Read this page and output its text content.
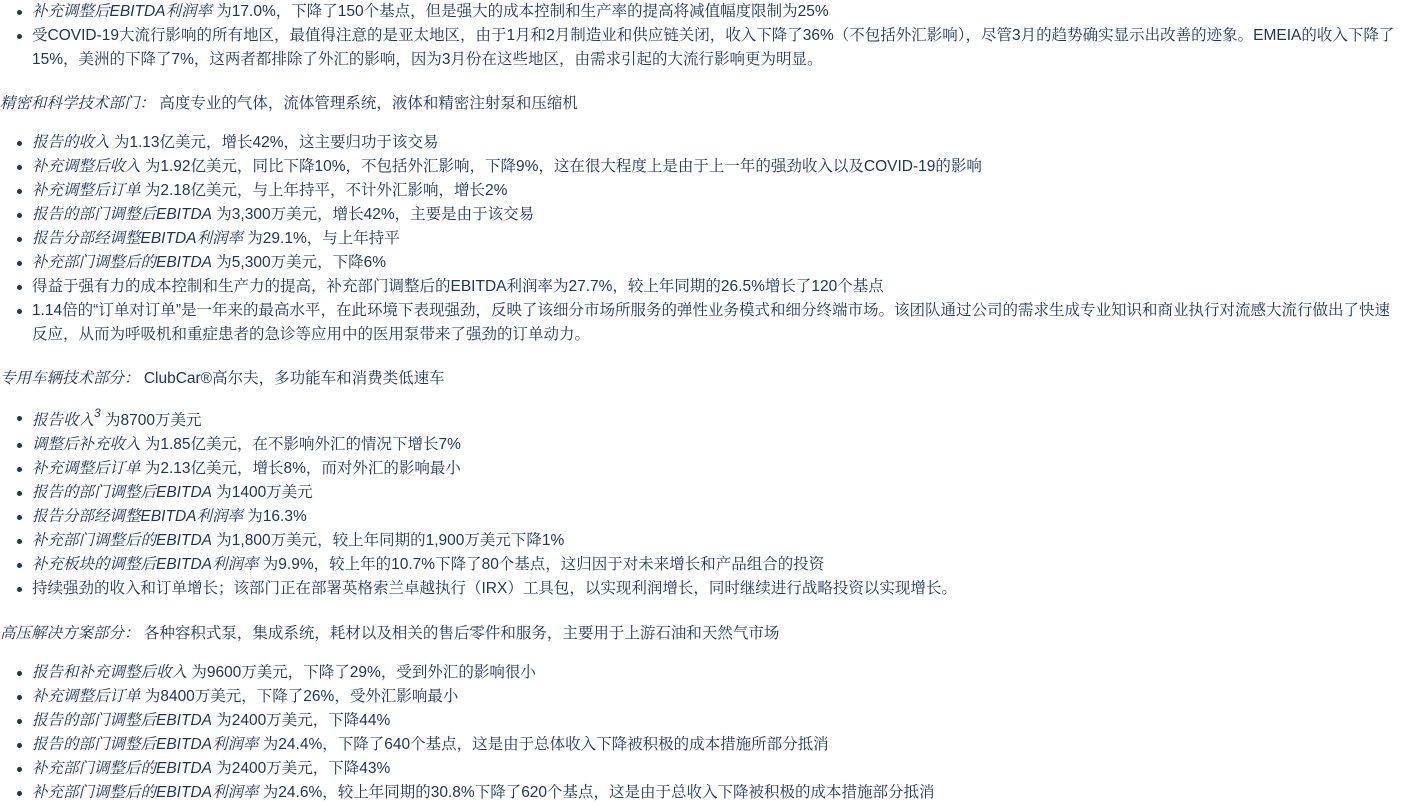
补充调整后EBITDA利润率 为17.0%，下降了150个基点，但是强大的成本控制和生产率的提高将减值幅度限制为25%
受COVID-19大流行影响的所有地区，最值得注意的是亚太地区，由于1月和2月制造业和供应链关闭，收入下降了36%（不包括外汇影响），尽管3月的趋势确实显示出改善的迹象。EMEIA的收入下降了15%，美洲的下降了7%，这两者都排除了外汇的影响，因为3月份在这些地区，由需求引起的大流行影响更为明显。

精密和科学技术部门： 高度专业的气体，流体管理系统，液体和精密注射泵和压缩机

报告的收入 为1.13亿美元，增长42%，这主要归功于该交易
补充调整后收入 为1.92亿美元，同比下降10%，不包括外汇影响，下降9%，这在很大程度上是由于上一年的强劲收入以及COVID-19的影响
补充调整后订单 为2.18亿美元，与上年持平，不计外汇影响，增长2%
报告的部门调整后EBITDA 为3,300万美元，增长42%，主要是由于该交易
报告分部经调整EBITDA利润率 为29.1%，与上年持平
补充部门调整后的EBITDA 为5,300万美元，下降6%
得益于强有力的成本控制和生产力的提高，补充部门调整后的EBITDA利润率为27.7%，较上年同期的26.5%增长了120个基点
1.14倍的“订单对订单”是一年来的最高水平，在此环境下表现强劲，反映了该细分市场所服务的弹性业务模式和细分终端市场。该团队通过公司的需求生成专业知识和商业执行对流感大流行做出了快速反应，从而为呼吸机和重症患者的急诊等应用中的医用泵带来了强劲的订单动力。

专用车辆技术部分： ClubCar®高尔夫，多功能车和消费类低速车

报告收入$^3$ 为8700万美元
调整后补充收入 为1.85亿美元，在不影响外汇的情况下增长7%
补充调整后订单 为2.13亿美元，增长8%，而对外汇的影响最小
报告的部门调整后EBITDA 为1400万美元
报告分部经调整EBITDA利润率 为16.3%
补充部门调整后的EBITDA 为1,800万美元，较上年同期的1,900万美元下降1%
补充板块的调整后EBITDA利润率 为9.9%，较上年的10.7%下降了80个基点，这归因于对未来增长和产品组合的投资
持续强劲的收入和订单增长；该部门正在部署英格索兰卓越执行（IRX）工具包，以实现利润增长，同时继续进行战略投资以实现增长。

高压解决方案部分： 各种容积式泵，集成系统，耗材以及相关的售后零件和服务，主要用于上游石油和天然气市场

报告和补充调整后收入 为9600万美元，下降了29%，受到外汇的影响很小
补充调整后订单 为8400万美元，下降了26%，受外汇影响最小
报告的部门调整后EBITDA 为2400万美元，下降44%
报告的部门调整后EBITDA利润率 为24.4%，下降了640个基点，这是由于总体收入下降被积极的成本措施所部分抵消
补充部门调整后的EBITDA 为2400万美元，下降43%
补充部门调整后的EBITDA利润率 为24.6%，较上年同期的30.8%下降了620个基点，这是由于总收入下降被积极的成本措施部分抵消
